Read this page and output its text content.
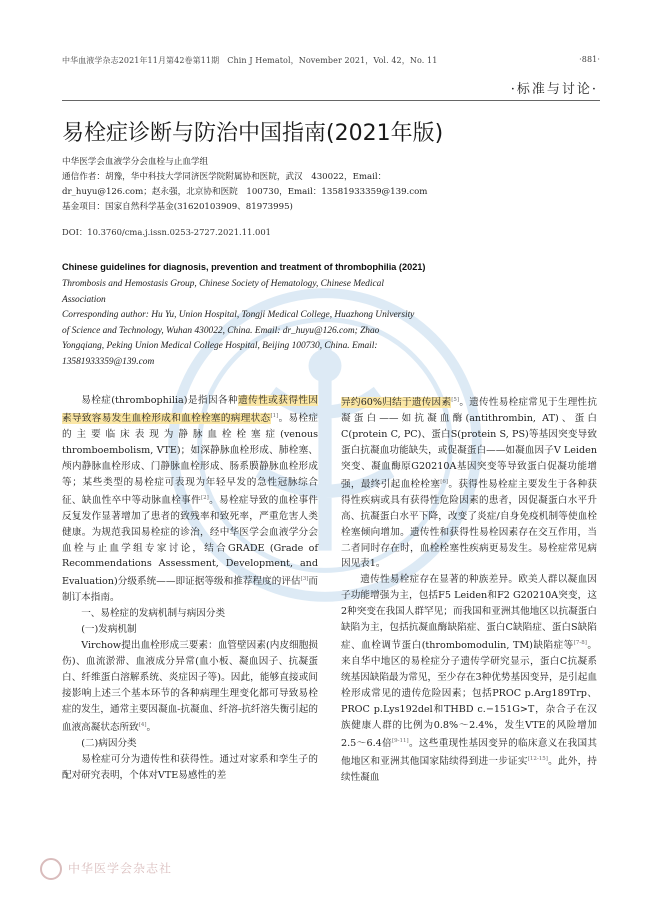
中华血液学杂志2021年11月第42卷第11期　Chin J Hematol，November 2021，Vol. 42，No. 11	·881·
·标准与讨论·
易栓症诊断与防治中国指南(2021年版)
中华医学会血液学分会血栓与止血学组
通信作者：胡豫，华中科技大学同济医学院附属协和医院，武汉　430022，Email：
dr_huyu@126.com；赵永强，北京协和医院　100730，Email：13581933359@139.com
基金项目：国家自然科学基金(31620103909、81973995)
DOI：10.3760/cma.j.issn.0253-2727.2021.11.001
Chinese guidelines for diagnosis, prevention and treatment of thrombophilia (2021)
Thrombosis and Hemostasis Group, Chinese Society of Hematology, Chinese Medical
Association
Corresponding author: Hu Yu, Union Hospital, Tongji Medical College, Huazhong University
of Science and Technology, Wuhan 430022, China. Email: dr_huyu@126.com; Zhao
Yongqiang, Peking Union Medical College Hospital, Beijing 100730, China. Email:
13581933359@139.com

易栓症(thrombophilia)是指因各种遗传性或获得性因素导致容易发生血栓形成和血栓栓塞的病理状态[1]。易栓症的主要临床表现为静脉血栓栓塞症(venous thromboembolism, VTE)；如深静脉血栓形成、肺栓塞、颅内静脉血栓形成、门静脉血栓形成、肠系膜静脉血栓形成等；某些类型的易栓症可表现为年轻早发的急性冠脉综合征、缺血性卒中等动脉血栓事件[2]。易栓症导致的血栓事件反复发作显著增加了患者的致残率和致死率，严重危害人类健康。为规范我国易栓症的诊治，经中华医学会血液学分会血栓与止血学组专家讨论，结合GRADE (Grade of Recommendations Assessment, Development, and Evaluation)分级系统——即证据等级和推荐程度的评估[3]而制订本指南。

一、易栓症的发病机制与病因分类
(一)发病机制

Virchow提出血栓形成三要素：血管壁因素(内皮细胞损伤)、血流淤滞、血液成分异常(血小板、凝血因子、抗凝蛋白、纤维蛋白溶解系统、炎症因子等)。因此，能够直接或间接影响上述三个基本环节的各种病理生理变化都可导致易栓症的发生，通常主要因凝血-抗凝血、纤溶-抗纤溶失衡引起的血液高凝状态所致[4]。

(二)病因分类

易栓症可分为遗传性和获得性。通过对家系和孪生子的配对研究表明，个体对VTE易感性的差

异约60%归结于遗传因素[5]。遗传性易栓症常见于生理性抗凝蛋白——如抗凝血酶(antithrombin, AT)、蛋白C(protein C, PC)、蛋白S(protein S, PS)等基因突变导致蛋白抗凝血功能缺失，或促凝蛋白——如凝血因子V Leiden突变、凝血酶原G20210A基因突变等导致蛋白促凝功能增强，最终引起血栓栓塞[6]。获得性易栓症主要发生于各种获得性疾病或具有获得性危险因素的患者，因促凝蛋白水平升高、抗凝蛋白水平下降，改变了炎症/自身免疫机制等使血栓栓塞倾向增加。遗传性和获得性易栓因素存在交互作用，当二者同时存在时，血栓栓塞性疾病更易发生。易栓症常见病因见表1。

遗传性易栓症存在显著的种族差异。欧美人群以凝血因子功能增强为主，包括F5 Leiden和F2 G20210A突变，这2种突变在我国人群罕见；而我国和亚洲其他地区以抗凝蛋白缺陷为主，包括抗凝血酶缺陷症、蛋白C缺陷症、蛋白S缺陷症、血栓调节蛋白(thrombomodulin, TM)缺陷症等[7-8]。来自华中地区的易栓症分子遗传学研究显示，蛋白C抗凝系统基因缺陷最为常见，至少存在3种优势基因变异，是引起血栓形成常见的遗传危险因素；包括PROC p.Arg189Trp、PROC p.Lys192del和THBD c.−151G>T，杂合子在汉族健康人群的比例为0.8%～2.4%，发生VTE的风险增加2.5～6.4倍[9-11]。这些重现性基因变异的临床意义在我国其他地区和亚洲其他国家陆续得到进一步证实[12-15]。此外，持续性凝血

中华医学会杂志社
